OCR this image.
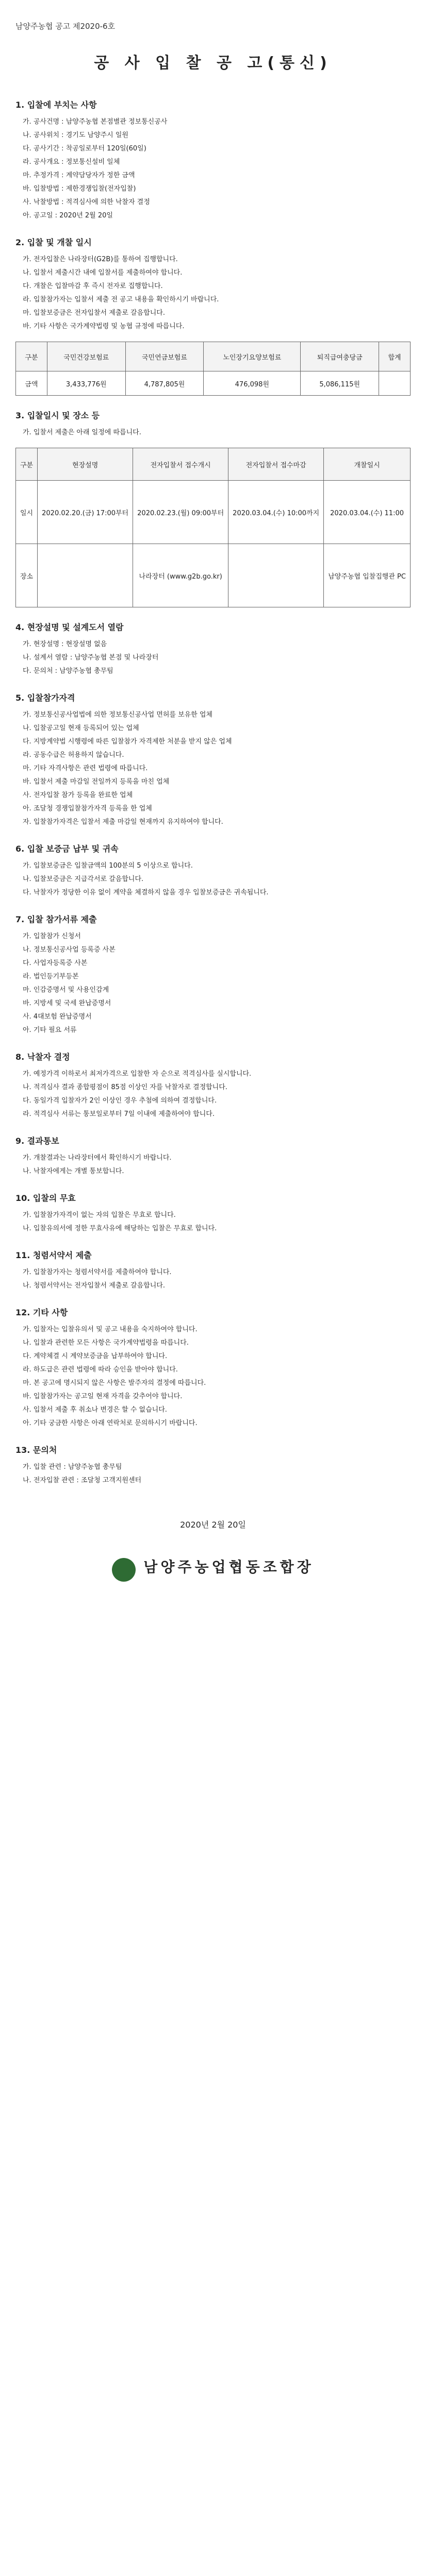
남양주농협 공고 제2020-6호
공 사 입 찰 공 고(통신)
1. 입찰에 부치는 사항
가. 공사건명 : 남양주농협 본점별관 정보통신공사
나. 공사위치 : 경기도 남양주시 일원
다. 공사기간 : 착공일로부터 120일(60일)
라. 공사개요 : 정보통신설비 일체
마. 추정가격 : 계약담당자가 정한 금액
바. 입찰방법 : 제한경쟁입찰(전자입찰)
사. 낙찰방법 : 적격심사에 의한 낙찰자 결정
아. 공고일 : 2020년 2월 20일
2. 입찰 및 개찰 일시
가. 전자입찰은 나라장터(G2B)를 통하여 집행합니다.
나. 입찰서 제출시간 내에 입찰서를 제출하여야 합니다.
다. 개찰은 입찰마감 후 즉시 전자로 집행합니다.
라. 입찰참가자는 입찰서 제출 전 공고 내용을 확인하시기 바랍니다.
마. 입찰보증금은 전자입찰서 제출로 갈음합니다.
바. 기타 사항은 국가계약법령 및 농협 규정에 따릅니다.
구분	국민건강보험료	국민연금보험료	노인장기요양보험료	퇴직급여충당금	합계
금액	3,433,776원	4,787,805원	476,098원	5,086,115원	
3. 입찰일시 및 장소 등
가. 입찰서 제출은 아래 일정에 따릅니다.
구분	현장설명	전자입찰서 접수개시	전자입찰서 접수마감	개찰일시
일시	2020.02.20.(금) 17:00부터	2020.02.23.(월) 09:00부터	2020.03.04.(수) 10:00까지	2020.03.04.(수) 11:00
장소		나라장터 (www.g2b.go.kr)		남양주농협 입찰집행관 PC
4. 현장설명 및 설계도서 열람
가. 현장설명 : 현장설명 없음
나. 설계서 열람 : 남양주농협 본점 및 나라장터
다. 문의처 : 남양주농협 총무팀
5. 입찰참가자격
가. 정보통신공사업법에 의한 정보통신공사업 면허를 보유한 업체
나. 입찰공고일 현재 등록되어 있는 업체
다. 지방계약법 시행령에 따른 입찰참가 자격제한 처분을 받지 않은 업체
라. 공동수급은 허용하지 않습니다.
마. 기타 자격사항은 관련 법령에 따릅니다.
바. 입찰서 제출 마감일 전일까지 등록을 마친 업체
사. 전자입찰 참가 등록을 완료한 업체
아. 조달청 경쟁입찰참가자격 등록을 한 업체
자. 입찰참가자격은 입찰서 제출 마감일 현재까지 유지하여야 합니다.
6. 입찰 보증금 납부 및 귀속
가. 입찰보증금은 입찰금액의 100분의 5 이상으로 합니다.
나. 입찰보증금은 지급각서로 갈음합니다.
다. 낙찰자가 정당한 이유 없이 계약을 체결하지 않을 경우 입찰보증금은 귀속됩니다.
7. 입찰 참가서류 제출
가. 입찰참가 신청서
나. 정보통신공사업 등록증 사본
다. 사업자등록증 사본
라. 법인등기부등본
마. 인감증명서 및 사용인감계
바. 지방세 및 국세 완납증명서
사. 4대보험 완납증명서
아. 기타 필요 서류
8. 낙찰자 결정
가. 예정가격 이하로서 최저가격으로 입찰한 자 순으로 적격심사를 실시합니다.
나. 적격심사 결과 종합평점이 85점 이상인 자를 낙찰자로 결정합니다.
다. 동일가격 입찰자가 2인 이상인 경우 추첨에 의하여 결정합니다.
라. 적격심사 서류는 통보일로부터 7일 이내에 제출하여야 합니다.
9. 결과통보
가. 개찰결과는 나라장터에서 확인하시기 바랍니다.
나. 낙찰자에게는 개별 통보합니다.
10. 입찰의 무효
가. 입찰참가자격이 없는 자의 입찰은 무효로 합니다.
나. 입찰유의서에 정한 무효사유에 해당하는 입찰은 무효로 합니다.
11. 청렴서약서 제출
가. 입찰참가자는 청렴서약서를 제출하여야 합니다.
나. 청렴서약서는 전자입찰서 제출로 갈음합니다.
12. 기타 사항
가. 입찰자는 입찰유의서 및 공고 내용을 숙지하여야 합니다.
나. 입찰과 관련한 모든 사항은 국가계약법령을 따릅니다.
다. 계약체결 시 계약보증금을 납부하여야 합니다.
라. 하도급은 관련 법령에 따라 승인을 받아야 합니다.
마. 본 공고에 명시되지 않은 사항은 발주자의 결정에 따릅니다.
바. 입찰참가자는 공고일 현재 자격을 갖추어야 합니다.
사. 입찰서 제출 후 취소나 변경은 할 수 없습니다.
아. 기타 궁금한 사항은 아래 연락처로 문의하시기 바랍니다.
13. 문의처
가. 입찰 관련 : 남양주농협 총무팀
나. 전자입찰 관련 : 조달청 고객지원센터
2020년 2월 20일
남양주농업협동조합장
